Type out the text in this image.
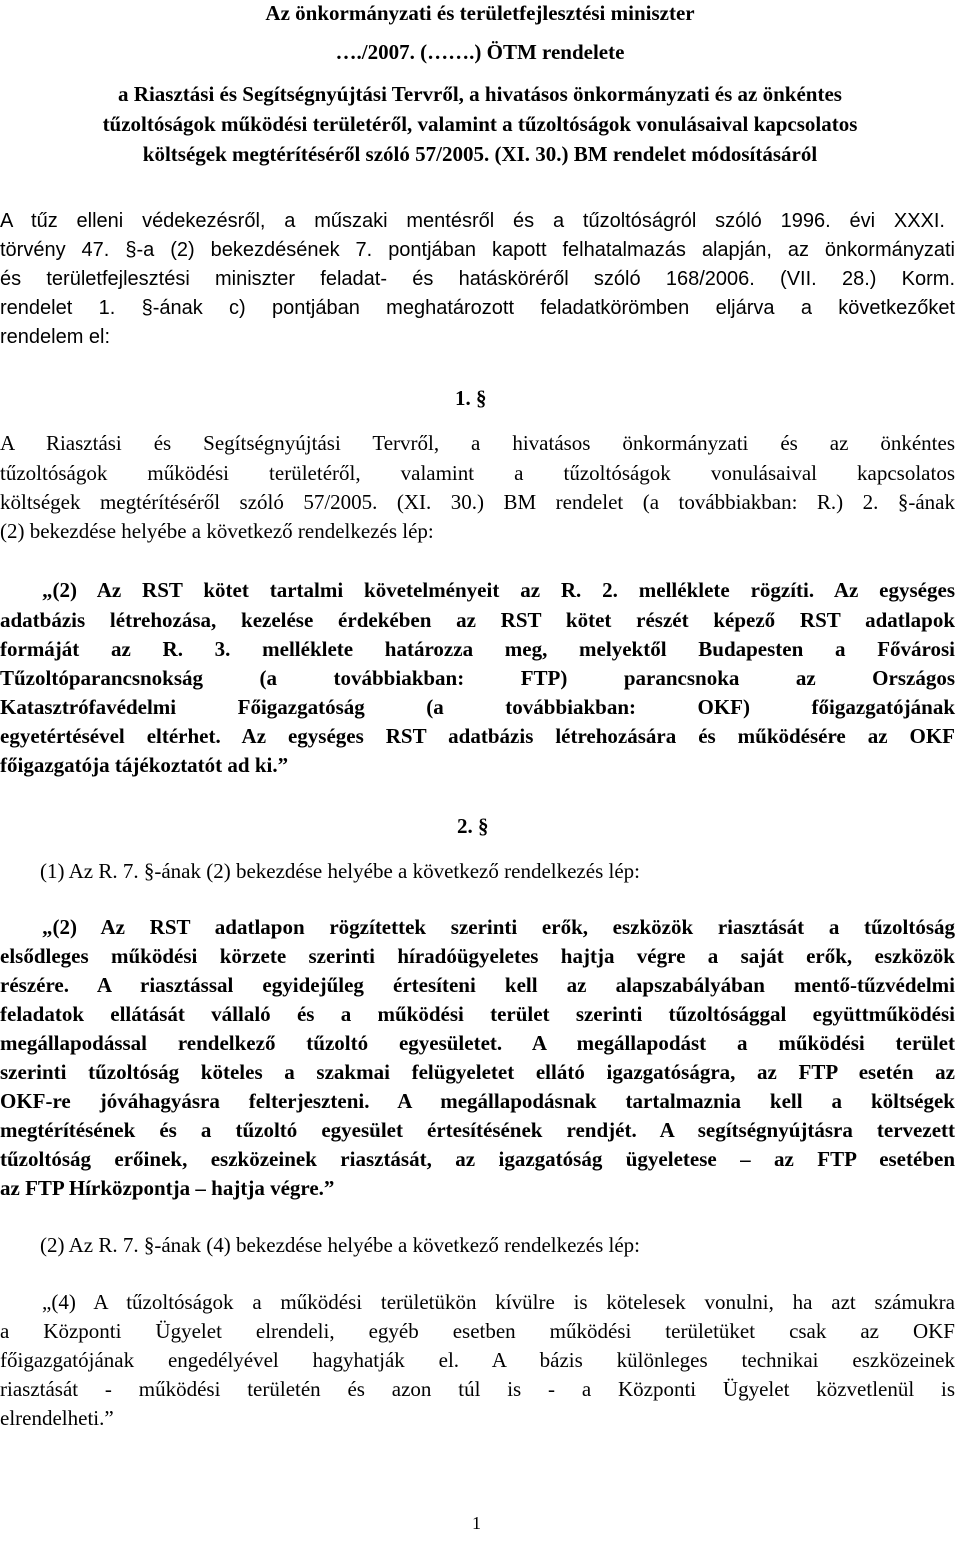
Az önkormányzati és területfejlesztési miniszter
…./2007. (…….) ÖTM rendelete
a Riasztási és Segítségnyújtási Tervről, a hivatásos önkormányzati és az önkéntes
tűzoltóságok működési területéről, valamint a tűzoltóságok vonulásaival kapcsolatos
költségek megtérítéséről szóló 57/2005. (XI. 30.) BM rendelet módosításáról
A tűz elleni védekezésről, a műszaki mentésről és a tűzoltóságról szóló 1996. évi XXXI.
törvény 47. §-a (2) bekezdésének 7. pontjában kapott felhatalmazás alapján, az önkormányzati
és területfejlesztési miniszter feladat- és hatásköréről szóló 168/2006. (VII. 28.) Korm.
rendelet 1. §-ának c) pontjában meghatározott feladatkörömben eljárva a következőket
rendelem el:
1. §
A Riasztási és Segítségnyújtási Tervről, a hivatásos önkormányzati és az önkéntes
tűzoltóságok működési területéről, valamint a tűzoltóságok vonulásaival kapcsolatos
költségek megtérítéséről szóló 57/2005. (XI. 30.) BM rendelet (a továbbiakban: R.) 2. §-ának
(2) bekezdése helyébe a következő rendelkezés lép:
„(2) Az RST kötet tartalmi követelményeit az R. 2. melléklete rögzíti. Az egységes
adatbázis létrehozása, kezelése érdekében az RST kötet részét képező RST adatlapok
formáját az R. 3. melléklete határozza meg, melyektől Budapesten a Fővárosi
Tűzoltóparancsnokság (a továbbiakban: FTP) parancsnoka az Országos
Katasztrófavédelmi Főigazgatóság (a továbbiakban: OKF) főigazgatójának
egyetértésével eltérhet. Az egységes RST adatbázis létrehozására és működésére az OKF
főigazgatója tájékoztatót ad ki.”
2. §
(1) Az R. 7. §-ának (2) bekezdése helyébe a következő rendelkezés lép:
„(2) Az RST adatlapon rögzítettek szerinti erők, eszközök riasztását a tűzoltóság
elsődleges működési körzete szerinti híradóügyeletes hajtja végre a saját erők, eszközök
részére. A riasztással egyidejűleg értesíteni kell az alapszabályában mentő-tűzvédelmi
feladatok ellátását vállaló és a működési terület szerinti tűzoltósággal együttműködési
megállapodással rendelkező tűzoltó egyesületet. A megállapodást a működési terület
szerinti tűzoltóság köteles a szakmai felügyeletet ellátó igazgatóságra, az FTP esetén az
OKF-re jóváhagyásra felterjeszteni. A megállapodásnak tartalmaznia kell a költségek
megtérítésének és a tűzoltó egyesület értesítésének rendjét. A segítségnyújtásra tervezett
tűzoltóság erőinek, eszközeinek riasztását, az igazgatóság ügyeletese – az FTP esetében
az FTP Hírközpontja – hajtja végre.”
(2) Az R. 7. §-ának (4) bekezdése helyébe a következő rendelkezés lép:
„(4) A tűzoltóságok a működési területükön kívülre is kötelesek vonulni, ha azt számukra
a Központi Ügyelet elrendeli, egyéb esetben működési területüket csak az OKF
főigazgatójának engedélyével hagyhatják el. A bázis különleges technikai eszközeinek
riasztását - működési területén és azon túl is - a Központi Ügyelet közvetlenül is
elrendelheti.”
1
